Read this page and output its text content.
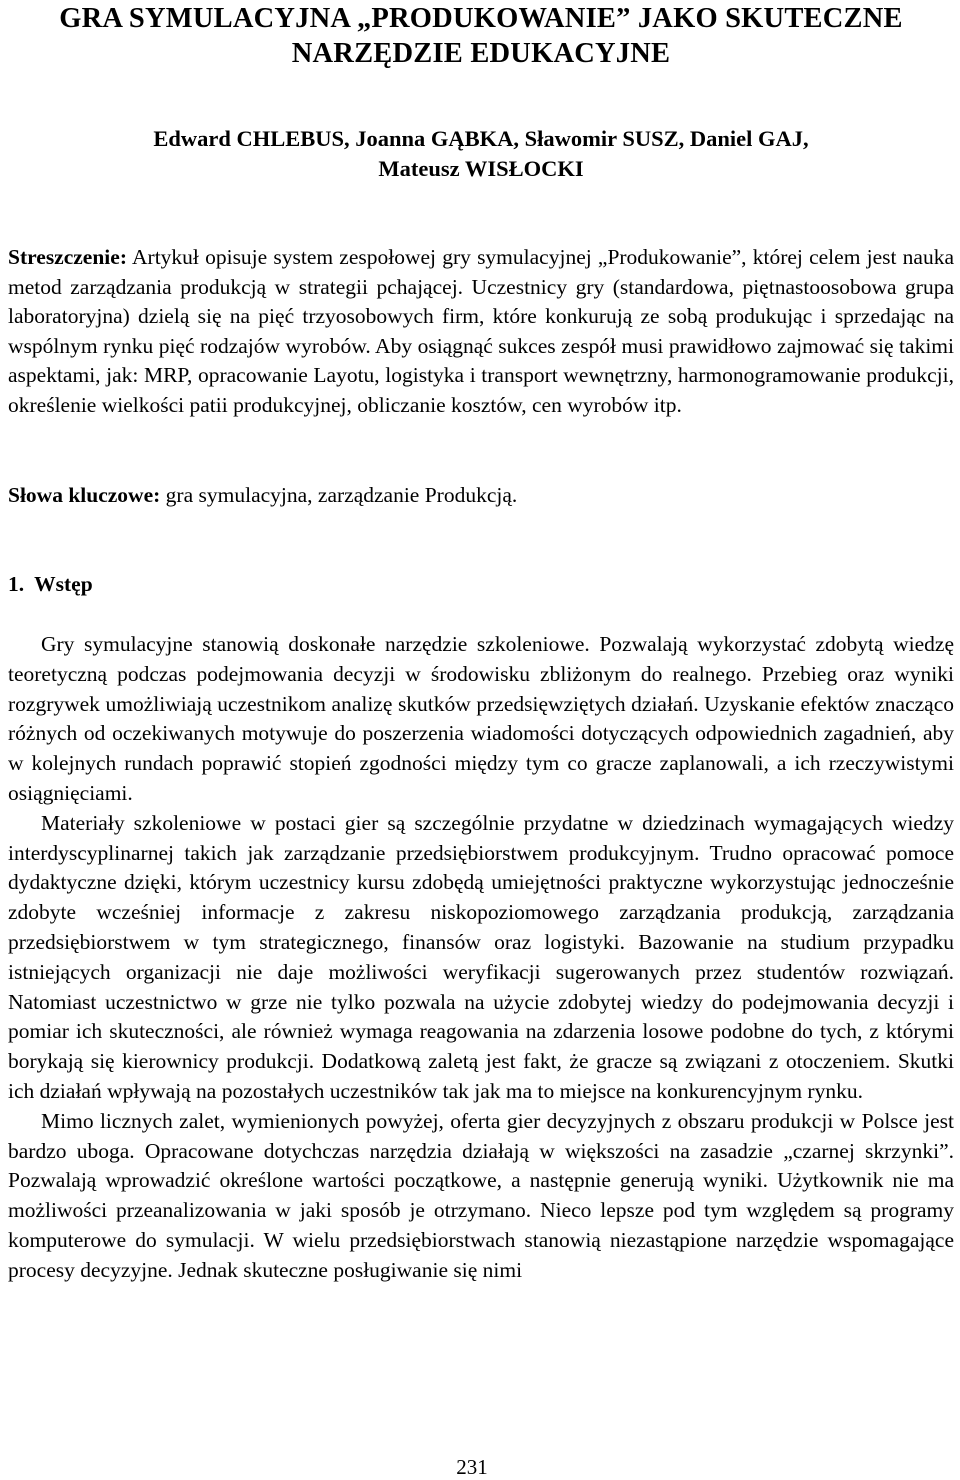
GRA SYMULACYJNA „PRODUKOWANIE” JAKO SKUTECZNE
NARZĘDZIE EDUKACYJNE
Edward CHLEBUS, Joanna GĄBKA, Sławomir SUSZ, Daniel GAJ,
Mateusz WISŁOCKI

Streszczenie: Artykuł opisuje system zespołowej gry symulacyjnej „Produkowanie”, której celem jest nauka metod zarządzania produkcją w strategii pchającej. Uczestnicy gry (standardowa, piętnastoosobowa grupa laboratoryjna) dzielą się na pięć trzyosobowych firm, które konkurują ze sobą produkując i sprzedając na wspólnym rynku pięć rodzajów wyrobów. Aby osiągnąć sukces zespół musi prawidłowo zajmować się takimi aspektami, jak: MRP, opracowanie Layotu, logistyka i transport wewnętrzny, harmonogramowanie produkcji, określenie wielkości patii produkcyjnej, obliczanie kosztów, cen wyrobów itp.

Słowa kluczowe: gra symulacyjna, zarządzanie Produkcją.

1. Wstęp

Gry symulacyjne stanowią doskonałe narzędzie szkoleniowe. Pozwalają wykorzystać zdobytą wiedzę teoretyczną podczas podejmowania decyzji w środowisku zbliżonym do realnego. Przebieg oraz wyniki rozgrywek umożliwiają uczestnikom analizę skutków przedsięwziętych działań. Uzyskanie efektów znacząco różnych od oczekiwanych motywuje do poszerzenia wiadomości dotyczących odpowiednich zagadnień, aby w kolejnych rundach poprawić stopień zgodności między tym co gracze zaplanowali, a ich rzeczywistymi osiągnięciami.

Materiały szkoleniowe w postaci gier są szczególnie przydatne w dziedzinach wymagających wiedzy interdyscyplinarnej takich jak zarządzanie przedsiębiorstwem produkcyjnym. Trudno opracować pomoce dydaktyczne dzięki, którym uczestnicy kursu zdobędą umiejętności praktyczne wykorzystując jednocześnie zdobyte wcześniej informacje z zakresu niskopoziomowego zarządzania produkcją, zarządzania przedsiębiorstwem w tym strategicznego, finansów oraz logistyki. Bazowanie na studium przypadku istniejących organizacji nie daje możliwości weryfikacji sugerowanych przez studentów rozwiązań. Natomiast uczestnictwo w grze nie tylko pozwala na użycie zdobytej wiedzy do podejmowania decyzji i pomiar ich skuteczności, ale również wymaga reagowania na zdarzenia losowe podobne do tych, z którymi borykają się kierownicy produkcji. Dodatkową zaletą jest fakt, że gracze są związani z otoczeniem. Skutki ich działań wpływają na pozostałych uczestników tak jak ma to miejsce na konkurencyjnym rynku.

Mimo licznych zalet, wymienionych powyżej, oferta gier decyzyjnych z obszaru produkcji w Polsce jest bardzo uboga. Opracowane dotychczas narzędzia działają w większości na zasadzie „czarnej skrzynki”. Pozwalają wprowadzić określone wartości początkowe, a następnie generują wyniki. Użytkownik nie ma możliwości przeanalizowania w jaki sposób je otrzymano. Nieco lepsze pod tym względem są programy komputerowe do symulacji. W wielu przedsiębiorstwach stanowią niezastąpione narzędzie wspomagające procesy decyzyjne. Jednak skuteczne posługiwanie się nimi

231
